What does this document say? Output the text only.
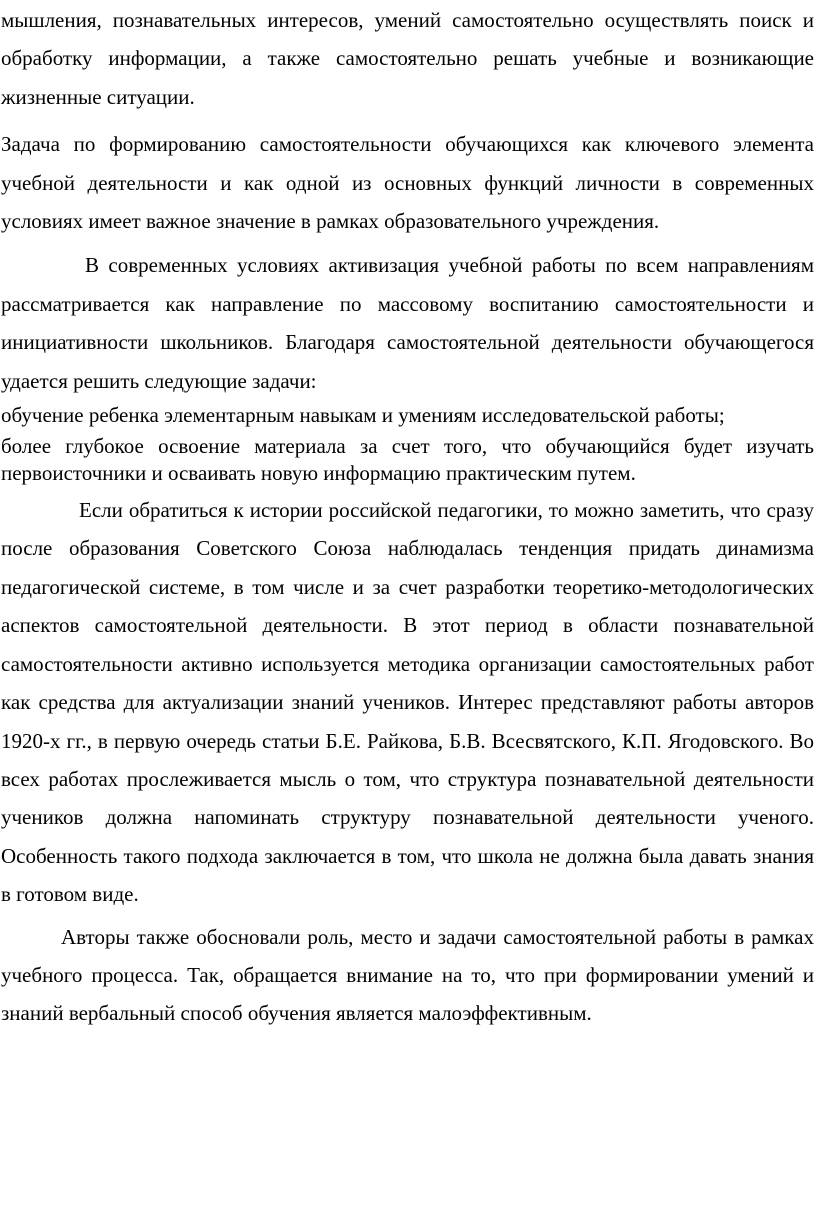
мышления, познавательных интересов, умений самостоятельно осуществлять поиск и обработку информации, а также самостоятельно решать учебные и возникающие жизненные ситуации.

Задача по формированию самостоятельности обучающихся как ключевого элемента учебной деятельности и как одной из основных функций личности в современных условиях имеет важное значение в рамках образовательного учреждения.

В современных условиях активизация учебной работы по всем направлениям рассматривается как направление по массовому воспитанию самостоятельности и инициативности школьников. Благодаря самостоятельной деятельности обучающегося удается решить следующие задачи:

обучение ребенка элементарным навыкам и умениям исследовательской работы;

более глубокое освоение материала за счет того, что обучающийся будет изучать первоисточники и осваивать новую информацию практическим путем.

Если обратиться к истории российской педагогики, то можно заметить, что сразу после образования Советского Союза наблюдалась тенденция придать динамизма педагогической системе, в том числе и за счет разработки теоретико-методологических аспектов самостоятельной деятельности. В этот период в области познавательной самостоятельности активно используется методика организации самостоятельных работ как средства для актуализации знаний учеников. Интерес представляют работы авторов 1920-х гг., в первую очередь статьи Б.Е. Райкова, Б.В. Всесвятского, К.П. Ягодовского. Во всех работах прослеживается мысль о том, что структура познавательной деятельности учеников должна напоминать структуру познавательной деятельности ученого. Особенность такого подхода заключается в том, что школа не должна была давать знания в готовом виде.

Авторы также обосновали роль, место и задачи самостоятельной работы в рамках учебного процесса. Так, обращается внимание на то, что при формировании умений и знаний вербальный способ обучения является малоэффективным.
